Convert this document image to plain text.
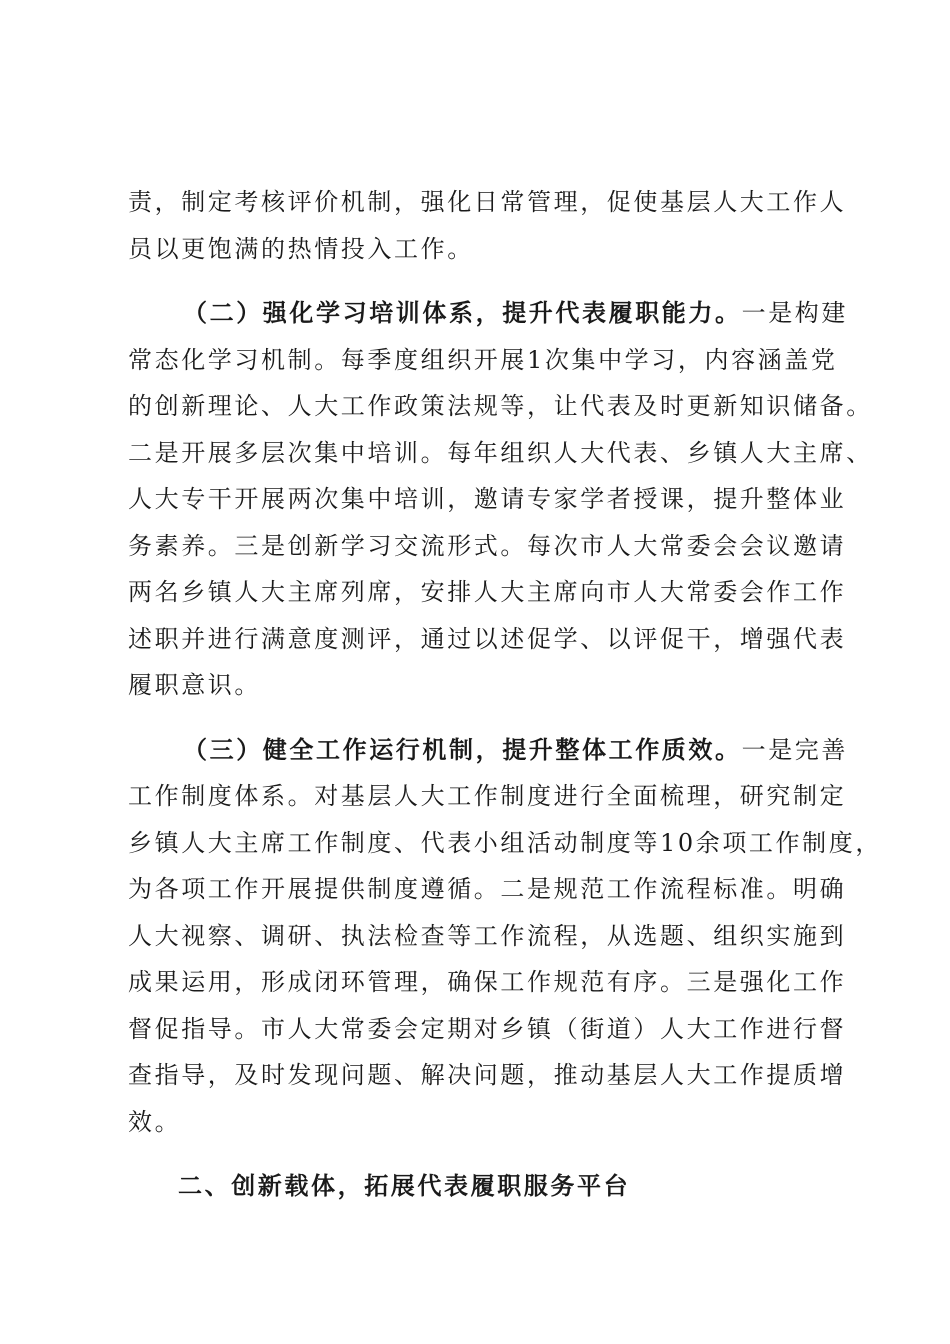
责，制定考核评价机制，强化日常管理，促使基层人大工作人
员以更饱满的热情投入工作。
（二）强化学习培训体系，提升代表履职能力。一是构建
常态化学习机制。每季度组织开展1次集中学习，内容涵盖党
的创新理论、人大工作政策法规等，让代表及时更新知识储备。
二是开展多层次集中培训。每年组织人大代表、乡镇人大主席、
人大专干开展两次集中培训，邀请专家学者授课，提升整体业
务素养。三是创新学习交流形式。每次市人大常委会会议邀请
两名乡镇人大主席列席，安排人大主席向市人大常委会作工作
述职并进行满意度测评，通过以述促学、以评促干，增强代表
履职意识。
（三）健全工作运行机制，提升整体工作质效。一是完善
工作制度体系。对基层人大工作制度进行全面梳理，研究制定
乡镇人大主席工作制度、代表小组活动制度等10余项工作制度，
为各项工作开展提供制度遵循。二是规范工作流程标准。明确
人大视察、调研、执法检查等工作流程，从选题、组织实施到
成果运用，形成闭环管理，确保工作规范有序。三是强化工作
督促指导。市人大常委会定期对乡镇（街道）人大工作进行督
查指导，及时发现问题、解决问题，推动基层人大工作提质增
效。
二、创新载体，拓展代表履职服务平台
